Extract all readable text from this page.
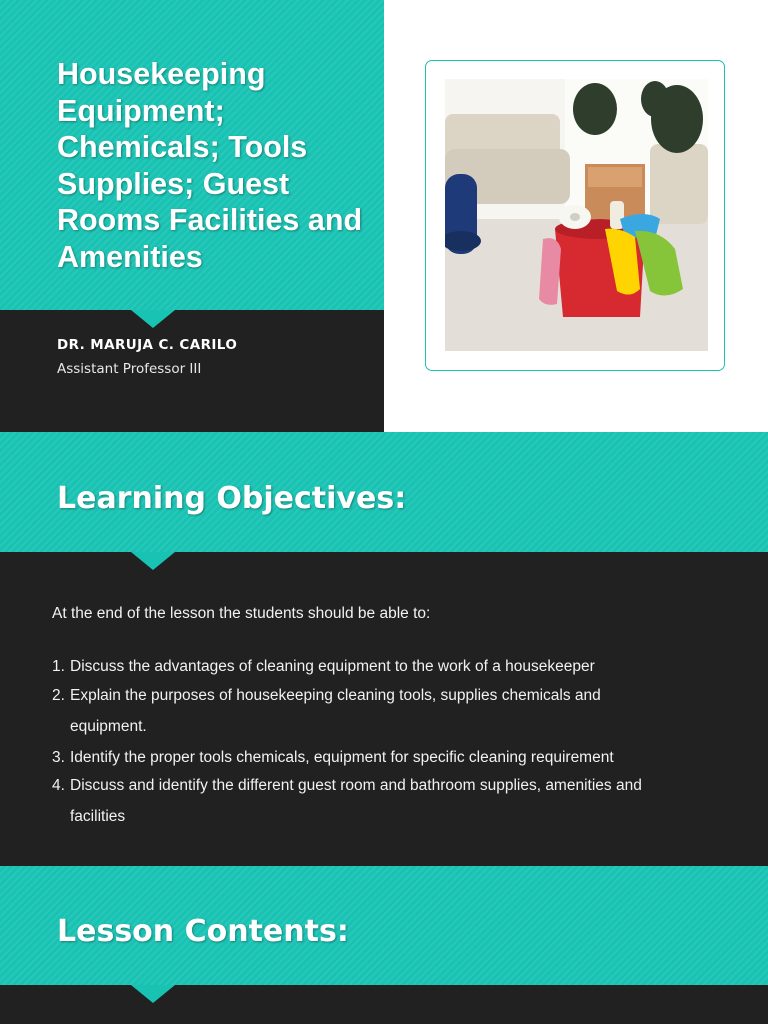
Housekeeping Equipment; Chemicals; Tools Supplies; Guest Rooms Facilities and Amenities
DR. MARUJA C. CARILO
Assistant Professor III
Learning Objectives:
At the end of the lesson the students should be able to:
1. Discuss the advantages of cleaning equipment to the work of a housekeeper
2. Explain the purposes of housekeeping cleaning tools, supplies chemicals and equipment.
3. Identify the proper tools chemicals, equipment for specific cleaning requirement
4. Discuss and identify the different guest room and bathroom supplies, amenities and facilities
Lesson Contents:
